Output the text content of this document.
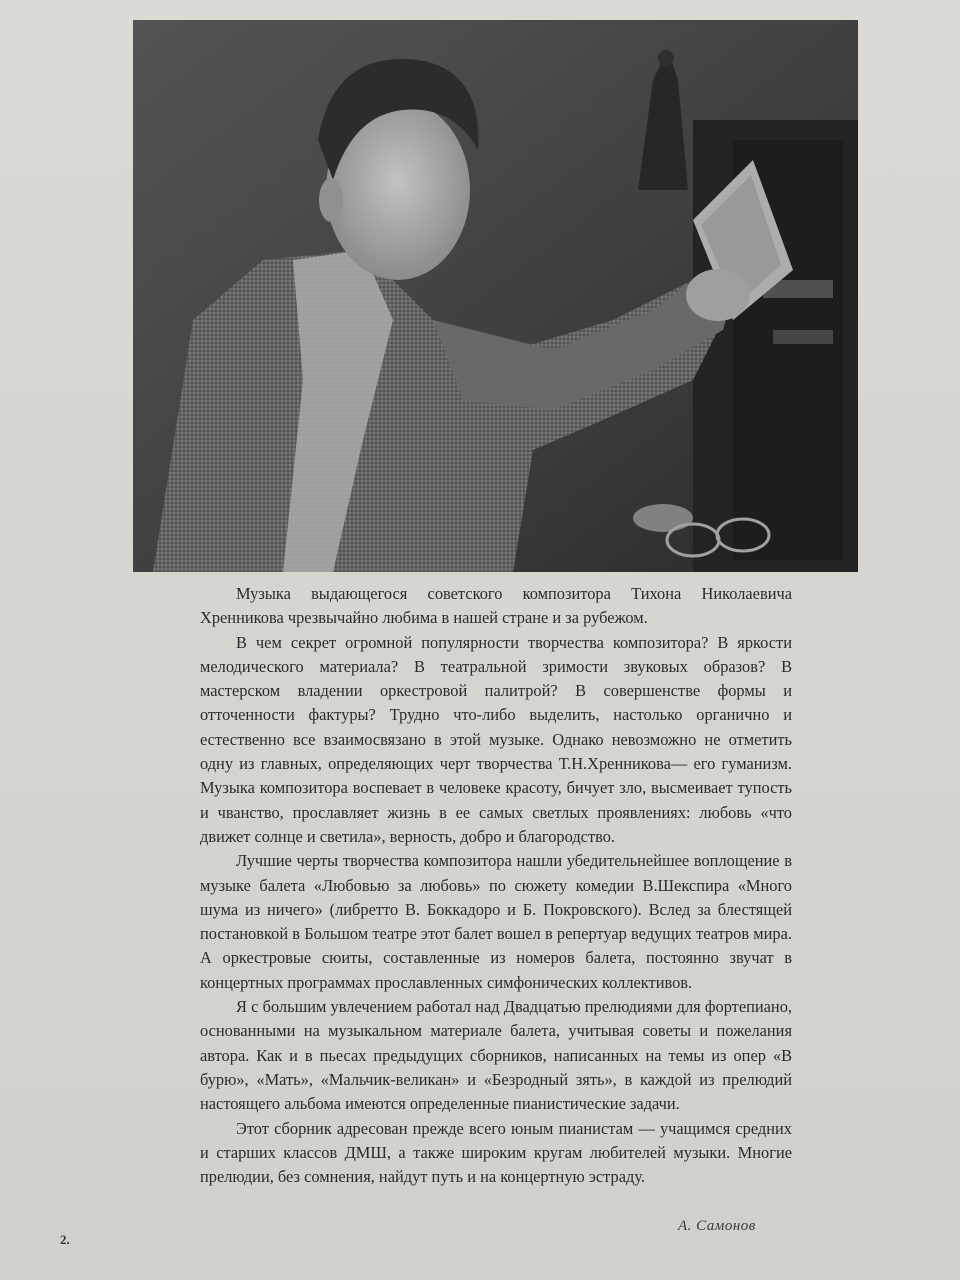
Музыка выдающегося советского композитора Тихона Николаевича Хренникова чрезвычайно любима в нашей стране и за рубежом.

В чем секрет огромной популярности творчества композитора? В яркости мелодического материала? В театральной зримости звуковых образов? В мастерском владении оркестровой палитрой? В совершенстве формы и отточенности фактуры? Трудно что-либо выделить, настолько органично и естественно все взаимосвязано в этой музыке. Однако невозможно не отметить одну из главных, определяющих черт творчества Т.Н.Хренникова— его гуманизм. Музыка композитора воспевает в человеке красоту, бичует зло, высмеивает тупость и чванство, прославляет жизнь в ее самых светлых проявлениях: любовь «что движет солнце и светила», верность, добро и благородство.

Лучшие черты творчества композитора нашли убедительнейшее воплощение в музыке балета «Любовью за любовь» по сюжету комедии В.Шекспира «Много шума из ничего» (либретто В. Боккадоро и Б. Покровского). Вслед за блестящей постановкой в Большом театре этот балет вошел в репертуар ведущих театров мира. А оркестровые сюиты, составленные из номеров балета, постоянно звучат в концертных программах прославленных симфонических коллективов.

Я с большим увлечением работал над Двадцатью прелюдиями для фортепиано, основанными на музыкальном материале балета, учитывая советы и пожелания автора. Как и в пьесах предыдущих сборников, написанных на темы из опер «В бурю», «Мать», «Мальчик-великан» и «Безродный зять», в каждой из прелюдий настоящего альбома имеются определенные пианистические задачи.

Этот сборник адресован прежде всего юным пианистам — учащимся средних и старших классов ДМШ, а также широким кругам любителей музыки. Многие прелюдии, без сомнения, найдут путь и на концертную эстраду.

А. Самонов
2.
